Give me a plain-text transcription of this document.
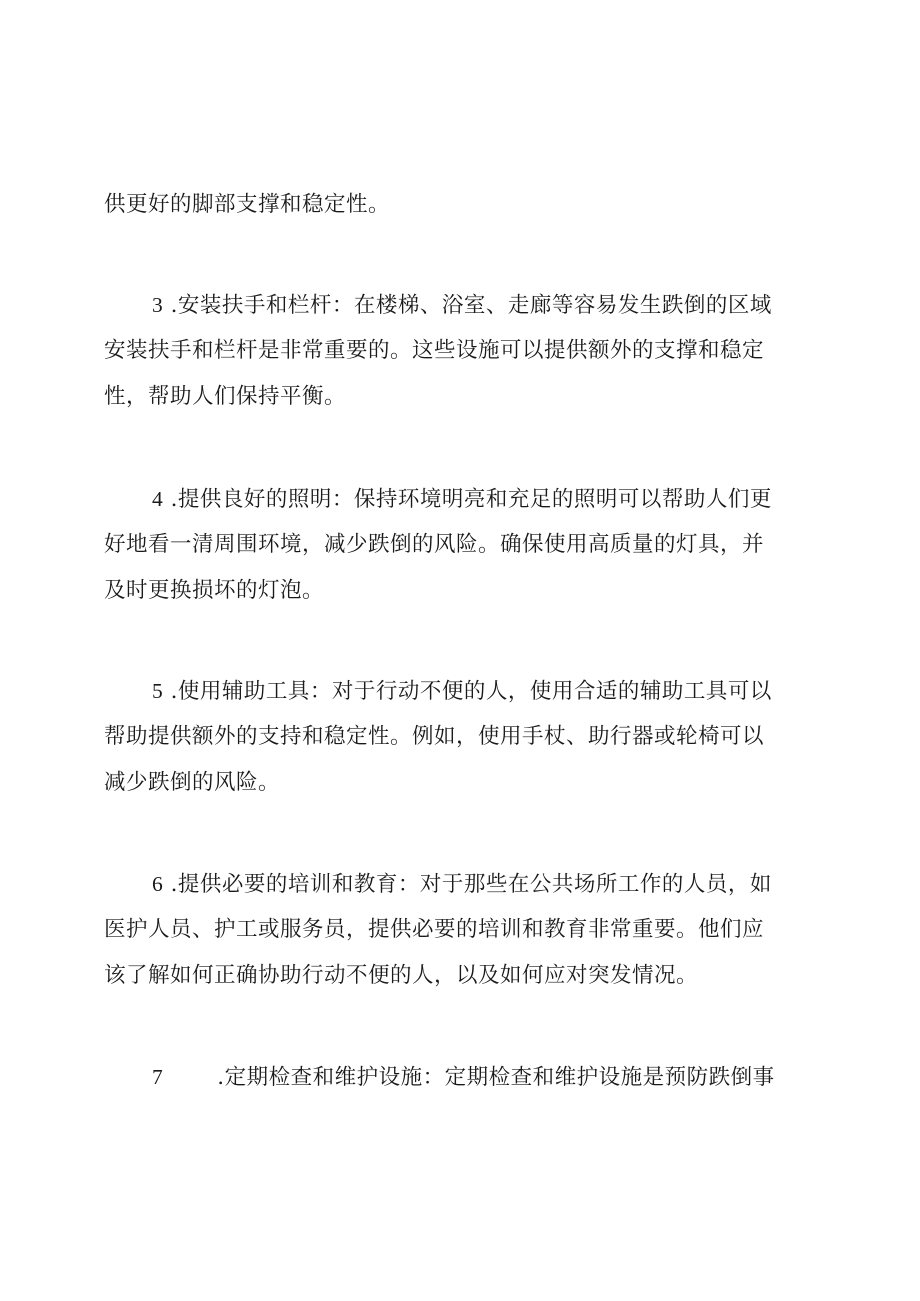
供更好的脚部支撑和稳定性。

3 .安装扶手和栏杆：在楼梯、浴室、走廊等容易发生跌倒的区域
安装扶手和栏杆是非常重要的。这些设施可以提供额外的支撑和稳定
性，帮助人们保持平衡。

4 .提供良好的照明：保持环境明亮和充足的照明可以帮助人们更
好地看一清周围环境，减少跌倒的风险。确保使用高质量的灯具，并
及时更换损坏的灯泡。

5 .使用辅助工具：对于行动不便的人，使用合适的辅助工具可以
帮助提供额外的支持和稳定性。例如，使用手杖、助行器或轮椅可以
减少跌倒的风险。

6 .提供必要的培训和教育：对于那些在公共场所工作的人员，如
医护人员、护工或服务员，提供必要的培训和教育非常重要。他们应
该了解如何正确协助行动不便的人，以及如何应对突发情况。

7	.定期检查和维护设施：定期检查和维护设施是预防跌倒事
